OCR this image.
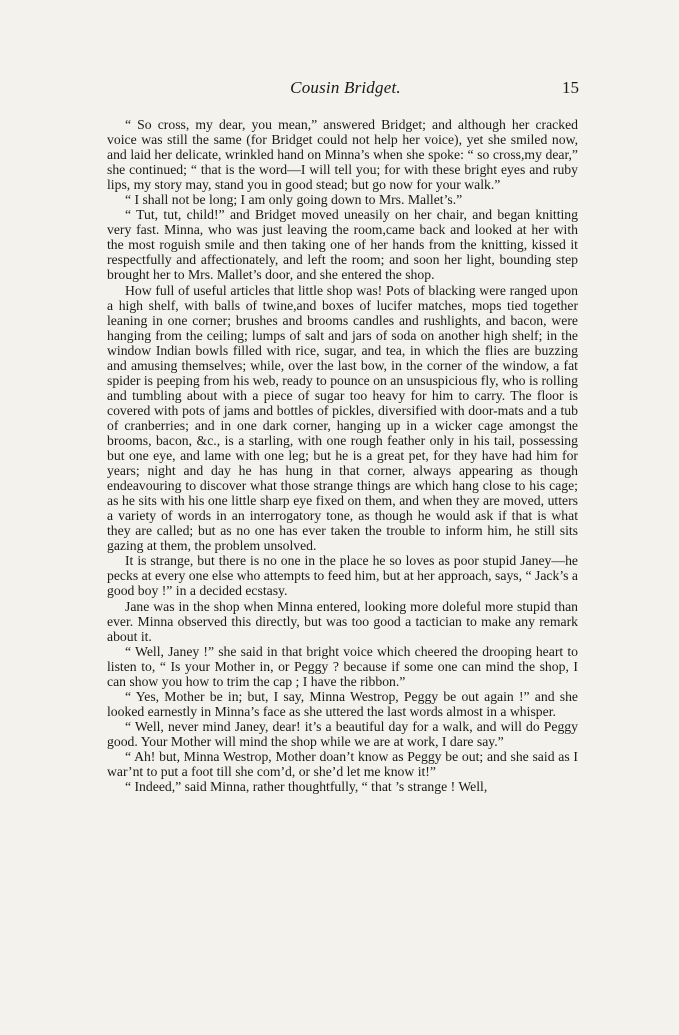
Cousin Bridget.	15

“ So cross, my dear, you mean,” answered Bridget; and although her cracked voice was still the same (for Bridget could not help her voice), yet she smiled now, and laid her delicate, wrinkled hand on Minna’s when she spoke: “ so cross,my dear,” she continued; “ that is the word—I will tell you; for with these bright eyes and ruby lips, my story may, stand you in good stead; but go now for your walk.”

“ I shall not be long; I am only going down to Mrs. Mallet’s.”

“ Tut, tut, child!” and Bridget moved uneasily on her chair, and began knitting very fast. Minna, who was just leaving the room,came back and looked at her with the most roguish smile and then taking one of her hands from the knitting, kissed it respectfully and affectionately, and left the room; and soon her light, bounding step brought her to Mrs. Mallet’s door, and she entered the shop.

How full of useful articles that little shop was! Pots of blacking were ranged upon a high shelf, with balls of twine,and boxes of lucifer matches, mops tied together leaning in one corner; brushes and brooms candles and rushlights, and bacon, were hanging from the ceiling; lumps of salt and jars of soda on another high shelf; in the window Indian bowls filled with rice, sugar, and tea, in which the flies are buzzing and amusing themselves; while, over the last bow, in the corner of the window, a fat spider is peeping from his web, ready to pounce on an unsuspicious fly, who is rolling and tumbling about with a piece of sugar too heavy for him to carry. The floor is covered with pots of jams and bottles of pickles, diversified with door-mats and a tub of cranberries; and in one dark corner, hanging up in a wicker cage amongst the brooms, bacon, &c., is a starling, with one rough feather only in his tail, possessing but one eye, and lame with one leg; but he is a great pet, for they have had him for years; night and day he has hung in that corner, always appearing as though endeavouring to discover what those strange things are which hang close to his cage; as he sits with his one little sharp eye fixed on them, and when they are moved, utters a variety of words in an interrogatory tone, as though he would ask if that is what they are called; but as no one has ever taken the trouble to inform him, he still sits gazing at them, the problem unsolved.

It is strange, but there is no one in the place he so loves as poor stupid Janey—he pecks at every one else who attempts to feed him, but at her approach, says, “ Jack’s a good boy !” in a decided ecstasy.

Jane was in the shop when Minna entered, looking more doleful more stupid than ever. Minna observed this directly, but was too good a tactician to make any remark about it.

“ Well, Janey !” she said in that bright voice which cheered the drooping heart to listen to, “ Is your Mother in, or Peggy ? because if some one can mind the shop, I can show you how to trim the cap ; I have the ribbon.”

“ Yes, Mother be in; but, I say, Minna Westrop, Peggy be out again !” and she looked earnestly in Minna’s face as she uttered the last words almost in a whisper.

“ Well, never mind Janey, dear! it’s a beautiful day for a walk, and will do Peggy good. Your Mother will mind the shop while we are at work, I dare say.”

“ Ah! but, Minna Westrop, Mother doan’t know as Peggy be out; and she said as I war’nt to put a foot till she com’d, or she’d let me know it!”

“ Indeed,” said Minna, rather thoughtfully, “ that ’s strange ! Well,
